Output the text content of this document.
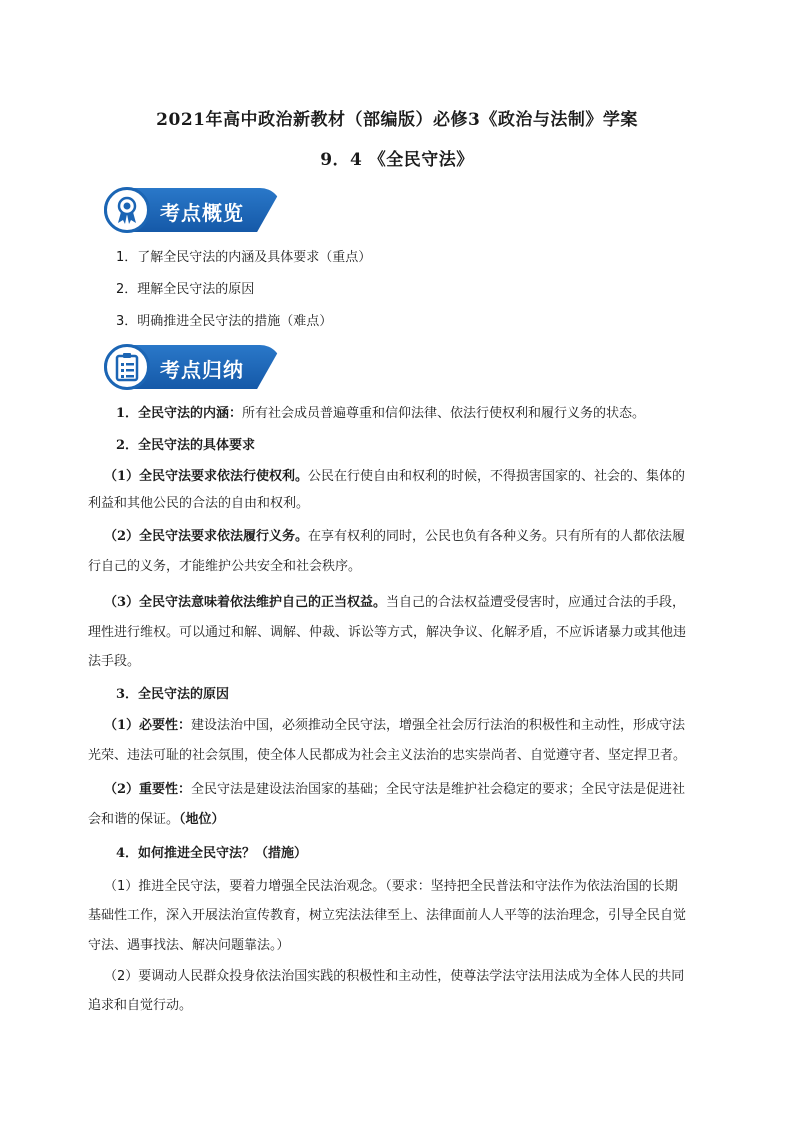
2021年高中政治新教材（部编版）必修3《政治与法制》学案
9．4 《全民守法》
考点概览
1．了解全民守法的内涵及具体要求（重点）
2．理解全民守法的原因
3．明确推进全民守法的措施（难点）
考点归纳
1．全民守法的内涵：所有社会成员普遍尊重和信仰法律、依法行使权利和履行义务的状态。
2．全民守法的具体要求
（1）全民守法要求依法行使权利。公民在行使自由和权利的时候，不得损害国家的、社会的、集体的
利益和其他公民的合法的自由和权利。
（2）全民守法要求依法履行义务。在享有权利的同时，公民也负有各种义务。只有所有的人都依法履
行自己的义务，才能维护公共安全和社会秩序。
（3）全民守法意味着依法维护自己的正当权益。当自己的合法权益遭受侵害时，应通过合法的手段，
理性进行维权。可以通过和解、调解、仲裁、诉讼等方式，解决争议、化解矛盾，不应诉诸暴力或其他违
法手段。
3．全民守法的原因
（1）必要性：建设法治中国，必须推动全民守法，增强全社会厉行法治的积极性和主动性，形成守法
光荣、违法可耻的社会氛围，使全体人民都成为社会主义法治的忠实崇尚者、自觉遵守者、坚定捍卫者。
（2）重要性：全民守法是建设法治国家的基础；全民守法是维护社会稳定的要求；全民守法是促进社
会和谐的保证。（地位）
4．如何推进全民守法？（措施）
（1）推进全民守法，要着力增强全民法治观念。（要求：坚持把全民普法和守法作为依法治国的长期
基础性工作，深入开展法治宣传教育，树立宪法法律至上、法律面前人人平等的法治理念，引导全民自觉
守法、遇事找法、解决问题靠法。）
（2）要调动人民群众投身依法治国实践的积极性和主动性，使尊法学法守法用法成为全体人民的共同
追求和自觉行动。
